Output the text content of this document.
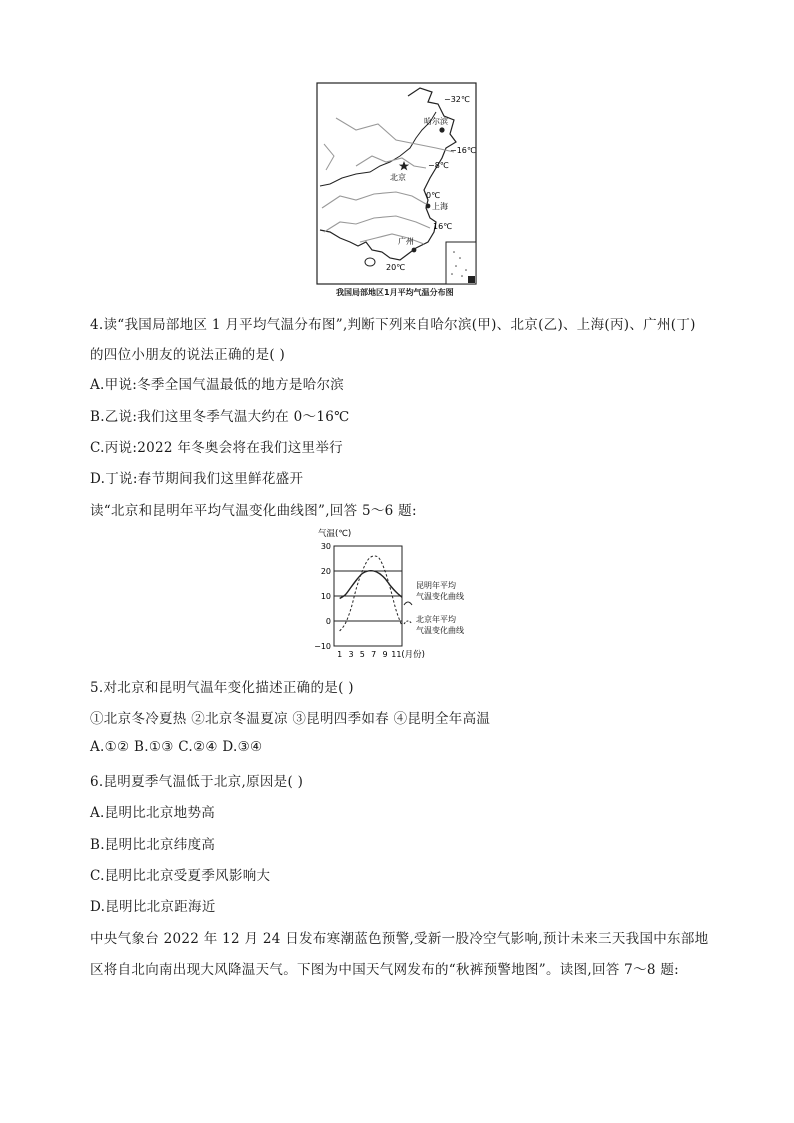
−32℃
哈尔滨
−16℃
−8℃
北京
0℃
上海
16℃
广州
20℃
我国局部地区1月平均气温分布图
4.读“我国局部地区 1 月平均气温分布图”,判断下列来自哈尔滨(甲)、北京(乙)、上海(丙)、广州(丁)
的四位小朋友的说法正确的是( )
A.甲说:冬季全国气温最低的地方是哈尔滨
B.乙说:我们这里冬季气温大约在 0～16℃
C.丙说:2022 年冬奥会将在我们这里举行
D.丁说:春节期间我们这里鲜花盛开
读“北京和昆明年平均气温变化曲线图”,回答 5～6 题:
气温(℃)
30
20
10
0
−10
1 3 5 7 9 11 (月份)
昆明年平均
气温变化曲线
北京年平均
气温变化曲线
5.对北京和昆明气温年变化描述正确的是( )
①北京冬冷夏热 ②北京冬温夏凉 ③昆明四季如春 ④昆明全年高温
A.①② B.①③ C.②④ D.③④
6.昆明夏季气温低于北京,原因是( )
A.昆明比北京地势高
B.昆明比北京纬度高
C.昆明比北京受夏季风影响大
D.昆明比北京距海近
中央气象台 2022 年 12 月 24 日发布寒潮蓝色预警,受新一股冷空气影响,预计未来三天我国中东部地
区将自北向南出现大风降温天气。下图为中国天气网发布的“秋裤预警地图”。读图,回答 7～8 题:
